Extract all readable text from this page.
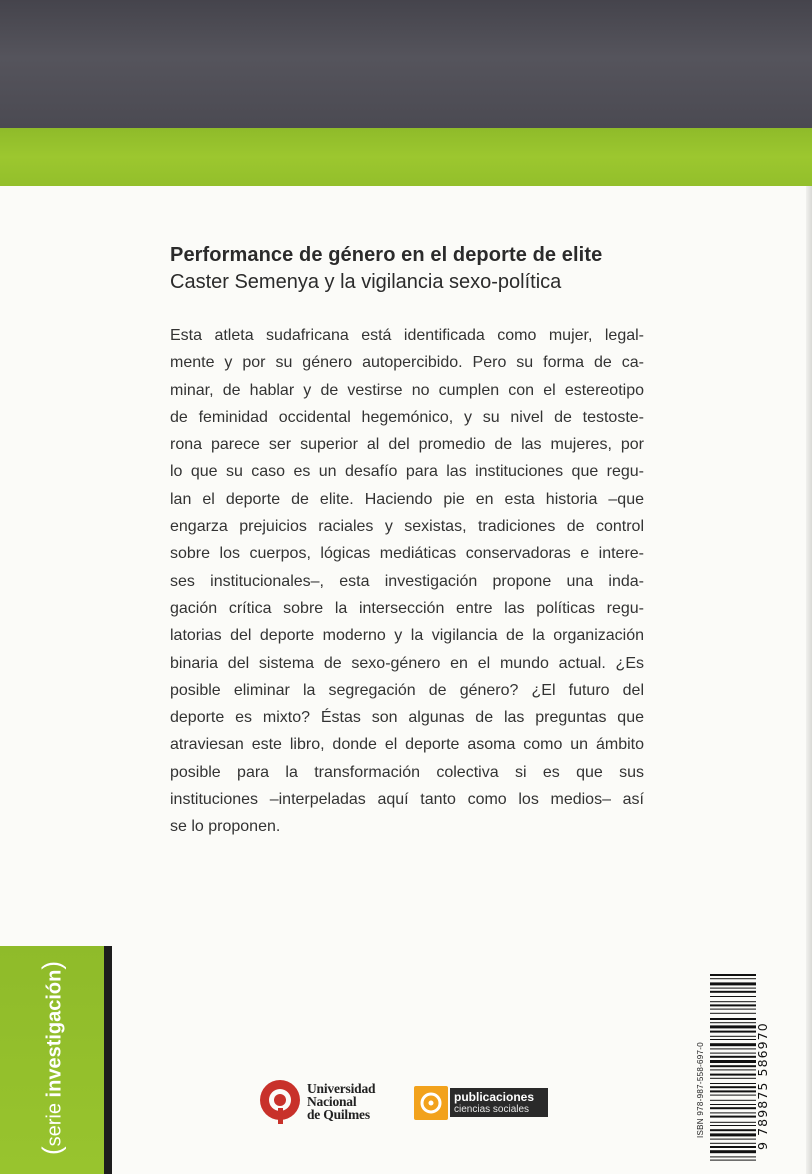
Performance de género en el deporte de elite
Caster Semenya y la vigilancia sexo-política
Esta atleta sudafricana está identificada como mujer, legal-
mente y por su género autopercibido. Pero su forma de ca-
minar, de hablar y de vestirse no cumplen con el estereotipo
de feminidad occidental hegemónico, y su nivel de testoste-
rona parece ser superior al del promedio de las mujeres, por
lo que su caso es un desafío para las instituciones que regu-
lan el deporte de elite. Haciendo pie en esta historia –que
engarza prejuicios raciales y sexistas, tradiciones de control
sobre los cuerpos, lógicas mediáticas conservadoras e intere-
ses institucionales–, esta investigación propone una inda-
gación crítica sobre la intersección entre las políticas regu-
latorias del deporte moderno y la vigilancia de la organización
binaria del sistema de sexo-género en el mundo actual. ¿Es
posible eliminar la segregación de género? ¿El futuro del
deporte es mixto? Éstas son algunas de las preguntas que
atraviesan este libro, donde el deporte asoma como un ámbito
posible para la transformación colectiva si es que sus
instituciones –interpeladas aquí tanto como los medios– así
se lo proponen.
(serie investigación)
Universidad
Nacional
de Quilmes
publicaciones
ciencias sociales	ISBN 978-987-558-697-0	9 789875 586970
